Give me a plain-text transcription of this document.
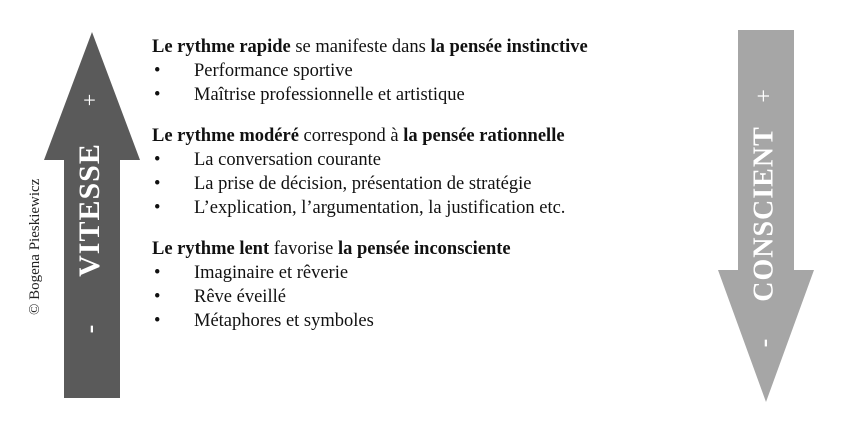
© Bogena Pieskiewicz
+
VITESSE
-
+
CONSCIENT
-
Le rythme rapide se manifeste dans la pensée instinctive
• Performance sportive
• Maîtrise professionnelle et artistique
Le rythme modéré correspond à la pensée rationnelle
• La conversation courante
• La prise de décision, présentation de stratégie
• L’explication, l’argumentation, la justification etc.
Le rythme lent favorise la pensée inconsciente
• Imaginaire et rêverie
• Rêve éveillé
• Métaphores et symboles
